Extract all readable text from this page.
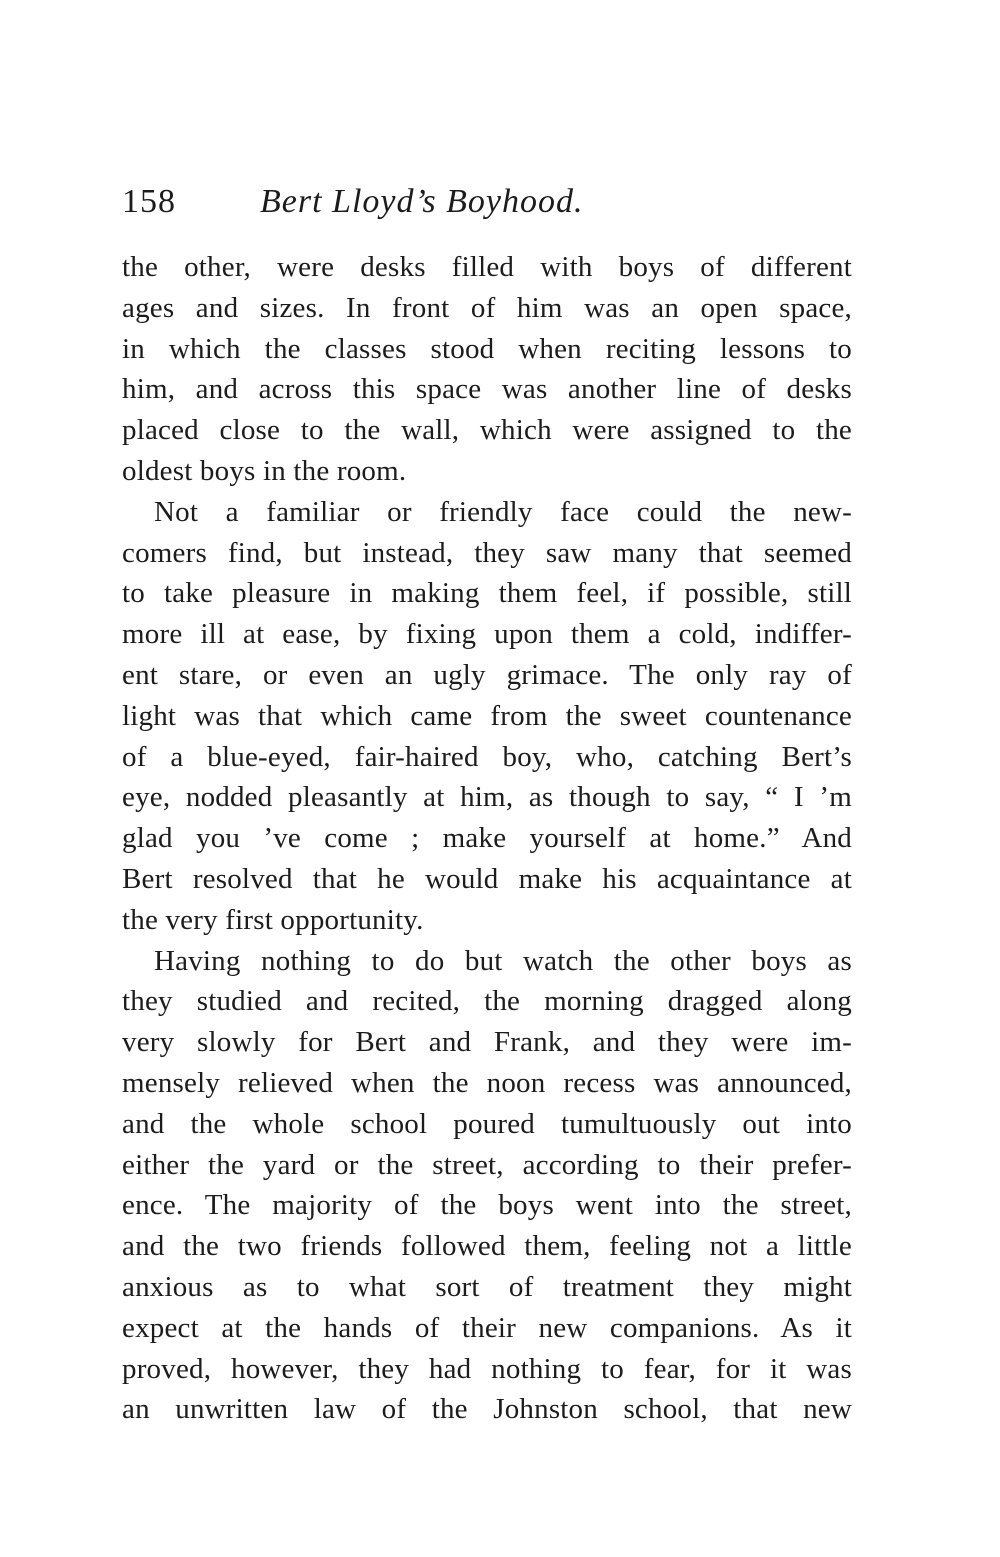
158 Bert Lloyd’s Boyhood.
the other, were desks filled with boys of different
ages and sizes. In front of him was an open space,
in which the classes stood when reciting lessons to
him, and across this space was another line of desks
placed close to the wall, which were assigned to the
oldest boys in the room.
Not a familiar or friendly face could the new-
comers find, but instead, they saw many that seemed
to take pleasure in making them feel, if possible, still
more ill at ease, by fixing upon them a cold, indiffer-
ent stare, or even an ugly grimace. The only ray of
light was that which came from the sweet countenance
of a blue-eyed, fair-haired boy, who, catching Bert’s
eye, nodded pleasantly at him, as though to say, “ I ’m
glad you ’ve come ; make yourself at home.” And
Bert resolved that he would make his acquaintance at
the very first opportunity.
Having nothing to do but watch the other boys as
they studied and recited, the morning dragged along
very slowly for Bert and Frank, and they were im-
mensely relieved when the noon recess was announced,
and the whole school poured tumultuously out into
either the yard or the street, according to their prefer-
ence. The majority of the boys went into the street,
and the two friends followed them, feeling not a little
anxious as to what sort of treatment they might
expect at the hands of their new companions. As it
proved, however, they had nothing to fear, for it was
an unwritten law of the Johnston school, that new
